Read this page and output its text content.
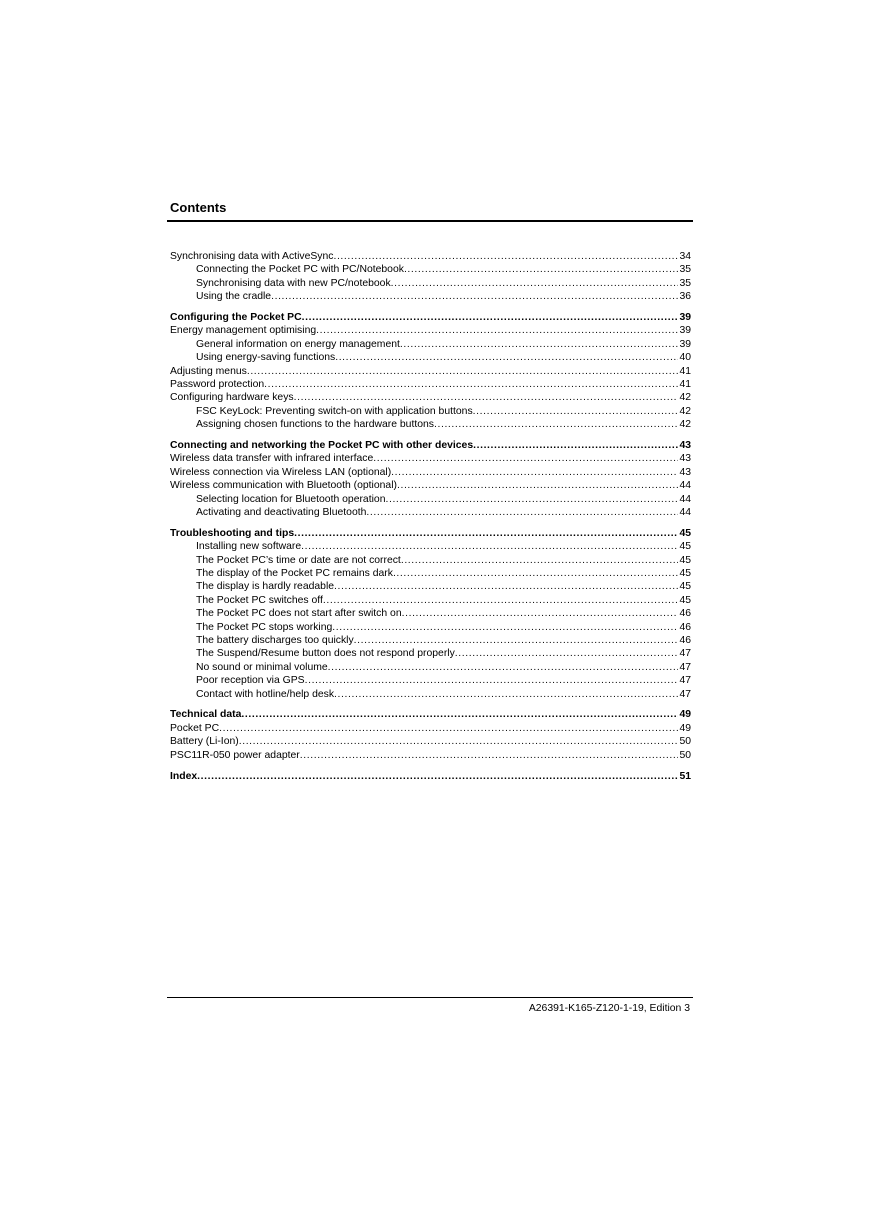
Contents
Synchronising data with ActiveSync .....	34
Connecting the Pocket PC with PC/Notebook .....	35
Synchronising data with new PC/notebook .....	35
Using the cradle .....	36
Configuring the Pocket PC .....	39
Energy management optimising .....	39
General information on energy management .....	39
Using energy-saving functions .....	40
Adjusting menus .....	41
Password protection .....	41
Configuring hardware keys .....	42
FSC KeyLock: Preventing switch-on with application buttons .....	42
Assigning chosen functions to the hardware buttons .....	42
Connecting and networking the Pocket PC with other devices .....	43
Wireless data transfer with infrared interface .....	43
Wireless connection via Wireless LAN (optional) .....	43
Wireless communication with Bluetooth (optional) .....	44
Selecting location for Bluetooth operation .....	44
Activating and deactivating Bluetooth .....	44
Troubleshooting and tips .....	45
Installing new software .....	45
The Pocket PC’s time or date are not correct .....	45
The display of the Pocket PC remains dark .....	45
The display is hardly readable .....	45
The Pocket PC switches off .....	45
The Pocket PC does not start after switch on .....	46
The Pocket PC stops working .....	46
The battery discharges too quickly .....	46
The Suspend/Resume button does not respond properly .....	47
No sound or minimal volume .....	47
Poor reception via GPS .....	47
Contact with hotline/help desk .....	47
Technical data .....	49
Pocket PC .....	49
Battery (Li-Ion) .....	50
PSC11R-050 power adapter .....	50
Index .....	51
A26391-K165-Z120-1-19, Edition 3
